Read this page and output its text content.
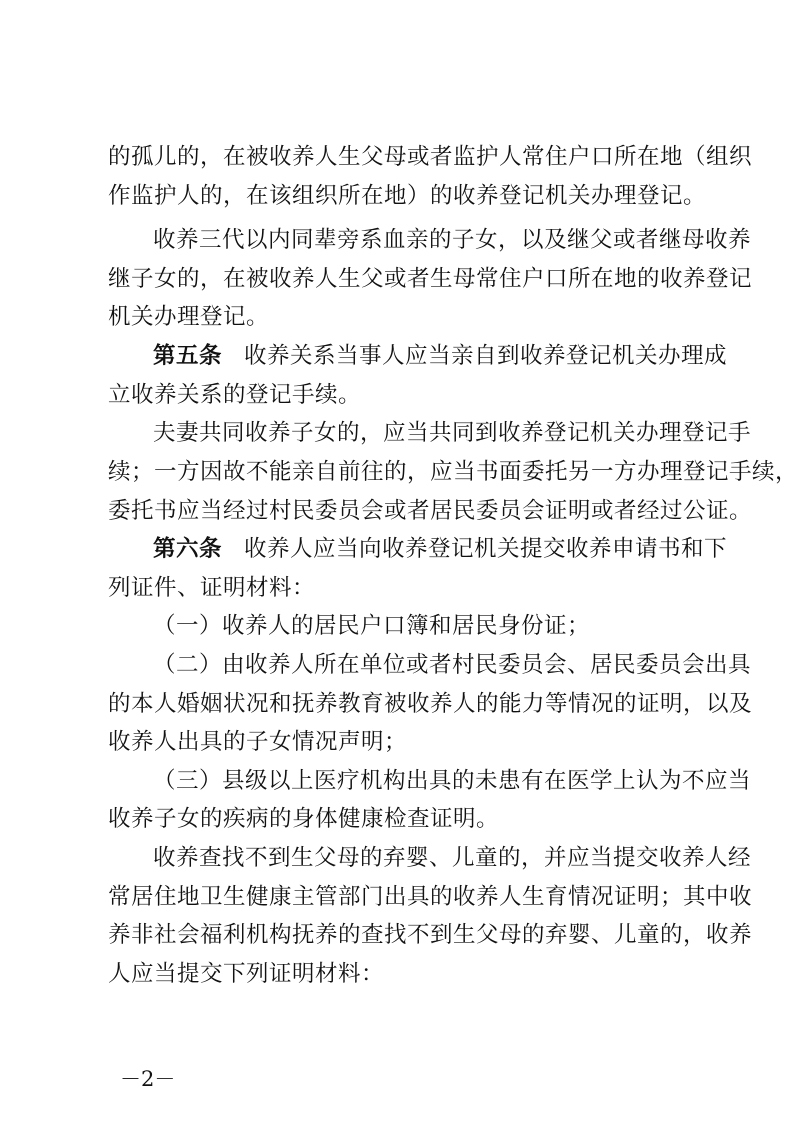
的孤儿的，在被收养人生父母或者监护人常住户口所在地（组织
作监护人的，在该组织所在地）的收养登记机关办理登记。
收养三代以内同辈旁系血亲的子女，以及继父或者继母收养
继子女的，在被收养人生父或者生母常住户口所在地的收养登记
机关办理登记。
第五条 收养关系当事人应当亲自到收养登记机关办理成
立收养关系的登记手续。
夫妻共同收养子女的，应当共同到收养登记机关办理登记手
续；一方因故不能亲自前往的，应当书面委托另一方办理登记手续，
委托书应当经过村民委员会或者居民委员会证明或者经过公证。
第六条 收养人应当向收养登记机关提交收养申请书和下
列证件、证明材料：
（一）收养人的居民户口簿和居民身份证；
（二）由收养人所在单位或者村民委员会、居民委员会出具
的本人婚姻状况和抚养教育被收养人的能力等情况的证明，以及
收养人出具的子女情况声明；
（三）县级以上医疗机构出具的未患有在医学上认为不应当
收养子女的疾病的身体健康检查证明。
收养查找不到生父母的弃婴、儿童的，并应当提交收养人经
常居住地卫生健康主管部门出具的收养人生育情况证明；其中收
养非社会福利机构抚养的查找不到生父母的弃婴、儿童的，收养
人应当提交下列证明材料：
－2－
